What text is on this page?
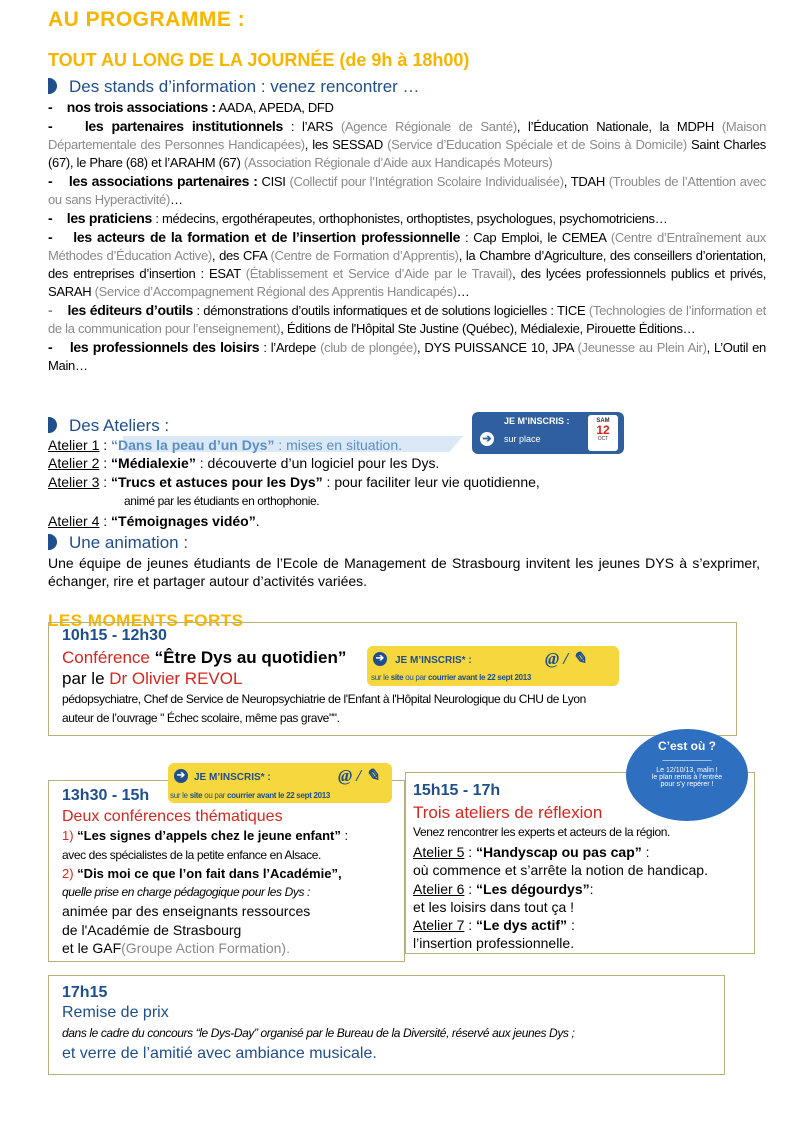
AU PROGRAMME :
TOUT AU LONG DE LA JOURNÉE (de 9h à 18h00)
Des stands d’information : venez rencontrer …
-    nos trois associations : AADA, APEDA, DFD
-    les partenaires institutionnels : l’ARS (Agence Régionale de Santé), l’Éducation Nationale, la MDPH (Maison Départementale des Personnes Handicapées), les SESSAD (Service d’Education Spéciale et de Soins à Domicile) Saint Charles (67), le Phare (68) et l’ARAHM (67) (Association Régionale d’Aide aux Handicapés Moteurs)
-    les associations partenaires : CISI (Collectif pour l’Intégration Scolaire Individualisée), TDAH (Troubles de l’Attention avec ou sans Hyperactivité)…
-    les praticiens : médecins, ergothérapeutes, orthophonistes, orthoptistes, psychologues, psychomotriciens…
-    les acteurs de la formation et de l’insertion professionnelle : Cap Emploi, le CEMEA (Centre d’Entraînement aux Méthodes d’Éducation Active), des CFA (Centre de Formation d’Apprentis), la Chambre d’Agriculture, des conseillers d’orientation, des entreprises d’insertion : ESAT (Établissement et Service d’Aide par le Travail), des lycées professionnels publics et privés, SARAH (Service d’Accompagnement Régional des Apprentis Handicapés)…
-    les éditeurs d’outils : démonstrations d’outils informatiques et de solutions logicielles : TICE (Technologies de l’information et de la communication pour l’enseignement), Éditions de l'Hôpital Ste Justine (Québec), Médialexie, Pirouette Éditions…
-    les professionnels des loisirs : l’Ardepe (club de plongée), DYS PUISSANCE 10, JPA (Jeunesse au Plein Air), L’Outil en Main…
Des Ateliers :
Atelier 1 : “Dans la peau d’un Dys” : mises en situation.
Atelier 2 : “Médialexie” : découverte d’un logiciel pour les Dys.
Atelier 3 : “Trucs et astuces pour les Dys” : pour faciliter leur vie quotidienne,
animé par les étudiants en orthophonie.
Atelier 4 : “Témoignages vidéo”.
JE M’INSCRIS :
➔ sur place
SAM
12
OCT
Une animation :
Une équipe de jeunes étudiants de l’Ecole de Management de Strasbourg invitent les jeunes DYS à s’exprimer, échanger, rire et partager autour d’activités variées.
LES MOMENTS FORTS
10h15 - 12h30
Conférence “Être Dys au quotidien”
par le Dr Olivier REVOL
pédopsychiatre, Chef de Service de Neuropsychiatrie de l'Enfant à l'Hôpital Neurologique du CHU de Lyon
auteur de l’ouvrage " Échec scolaire, même pas grave"".
➔ JE M’INSCRIS* :	@ / ✎
sur le site ou par courrier avant le 22 sept 2013
➔ JE M’INSCRIS* :	@ / ✎
sur le site ou par courrier avant le 22 sept 2013
13h30 - 15h
Deux conférences thématiques
1) “Les signes d’appels chez le jeune enfant” :
avec des spécialistes de la petite enfance en Alsace.
2) “Dis moi ce que l’on fait dans l’Académie”,
quelle prise en charge pédagogique pour les Dys :
animée par des enseignants ressources
de l'Académie de Strasbourg
et le GAF(Groupe Action Formation).
15h15 - 17h
Trois ateliers de réflexion
Venez rencontrer les experts et acteurs de la région.
Atelier 5 : “Handyscap ou pas cap” :
où commence et s’arrête la notion de handicap.
Atelier 6 : “Les dégourdys”:
et les loisirs dans tout ça !
Atelier 7 : “Le dys actif” :
l’insertion professionnelle.
C’est où ?
___________
Le 12/10/13, malin !
le plan remis à l’entrée
pour s’y repérer !
17h15
Remise de prix
dans le cadre du concours “le Dys-Day” organisé par le Bureau de la Diversité, réservé aux jeunes Dys ;
et verre de l’amitié avec ambiance musicale.
